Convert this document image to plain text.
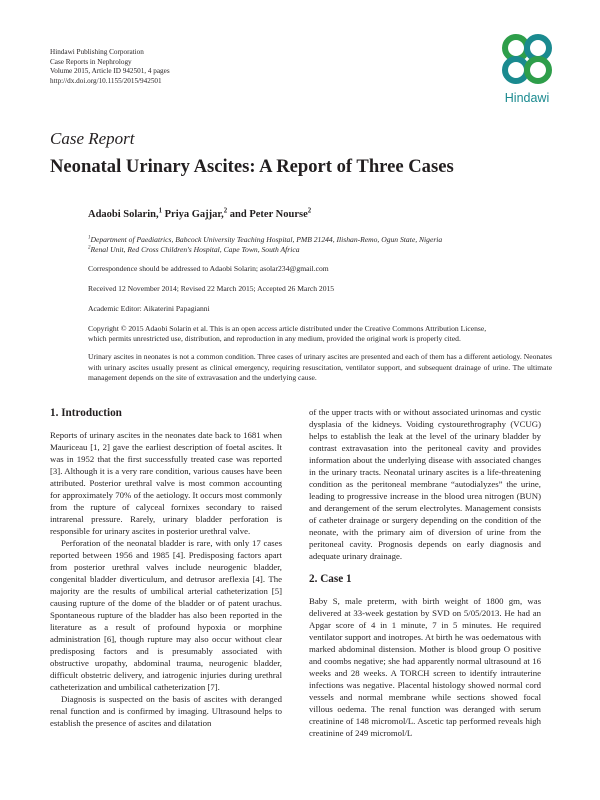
Hindawi Publishing Corporation
Case Reports in Nephrology
Volume 2015, Article ID 942501, 4 pages
http://dx.doi.org/10.1155/2015/942501
Hindawi
Case Report
Neonatal Urinary Ascites: A Report of Three Cases
Adaobi Solarin,$^1$ Priya Gajjar,$^2$ and Peter Nourse$^2$
$^1$Department of Paediatrics, Babcock University Teaching Hospital, PMB 21244, Ilishan-Remo, Ogun State, Nigeria
$^2$Renal Unit, Red Cross Children's Hospital, Cape Town, South Africa
Correspondence should be addressed to Adaobi Solarin; asolar234@gmail.com
Received 12 November 2014; Revised 22 March 2015; Accepted 26 March 2015
Academic Editor: Aikaterini Papagianni
Copyright © 2015 Adaobi Solarin et al. This is an open access article distributed under the Creative Commons Attribution License,
which permits unrestricted use, distribution, and reproduction in any medium, provided the original work is properly cited.
Urinary ascites in neonates is not a common condition. Three cases of urinary ascites are presented and each of them has a different aetiology. Neonates with urinary ascites usually present as clinical emergency, requiring resuscitation, ventilator support, and subsequent drainage of urine. The ultimate management depends on the site of extravasation and the underlying cause.
1. Introduction

Reports of urinary ascites in the neonates date back to 1681 when Mauriceau [1, 2] gave the earliest description of foetal ascites. It was in 1952 that the first successfully treated case was reported [3]. Although it is a very rare condition, various causes have been attributed. Posterior urethral valve is most common accounting for approximately 70% of the aetiology. It occurs most commonly from the rupture of calyceal fornixes secondary to raised intrarenal pressure. Rarely, urinary bladder perforation is responsible for urinary ascites in posterior urethral valve.

Perforation of the neonatal bladder is rare, with only 17 cases reported between 1956 and 1985 [4]. Predisposing factors apart from posterior urethral valves include neurogenic bladder, congenital bladder diverticulum, and detrusor areflexia [4]. The majority are the results of umbilical arterial catheterization [5] causing rupture of the dome of the bladder or of patent urachus. Spontaneous rupture of the bladder has also been reported in the literature as a result of profound hypoxia or morphine administration [6], though rupture may also occur without clear predisposing factors and is presumably associated with obstructive uropathy, abdominal trauma, neurogenic bladder, difficult obstetric delivery, and iatrogenic injuries during urethral catheterization and umbilical catheterization [7].

Diagnosis is suspected on the basis of ascites with deranged renal function and is confirmed by imaging. Ultrasound helps to establish the presence of ascites and dilatation

of the upper tracts with or without associated urinomas and cystic dysplasia of the kidneys. Voiding cystourethrography (VCUG) helps to establish the leak at the level of the urinary bladder by contrast extravasation into the peritoneal cavity and provides information about the underlying disease with associated changes in the urinary tracts. Neonatal urinary ascites is a life-threatening condition as the peritoneal membrane “autodialyzes” the urine, leading to progressive increase in the blood urea nitrogen (BUN) and derangement of the serum electrolytes. Management consists of catheter drainage or surgery depending on the condition of the neonate, with the primary aim of diversion of urine from the peritoneal cavity. Prognosis depends on early diagnosis and adequate urinary drainage.

2. Case 1

Baby S, male preterm, with birth weight of 1800 gm, was delivered at 33-week gestation by SVD on 5/05/2013. He had an Apgar score of 4 in 1 minute, 7 in 5 minutes. He required ventilator support and inotropes. At birth he was oedematous with marked abdominal distension. Mother is blood group O positive and coombs negative; she had apparently normal ultrasound at 16 weeks and 28 weeks. A TORCH screen to identify intrauterine infections was negative. Placental histology showed normal cord vessels and normal membrane while sections showed focal villous oedema. The renal function was deranged with serum creatinine of 148 micromol/L. Ascetic tap performed reveals high creatinine of 249 micromol/L
